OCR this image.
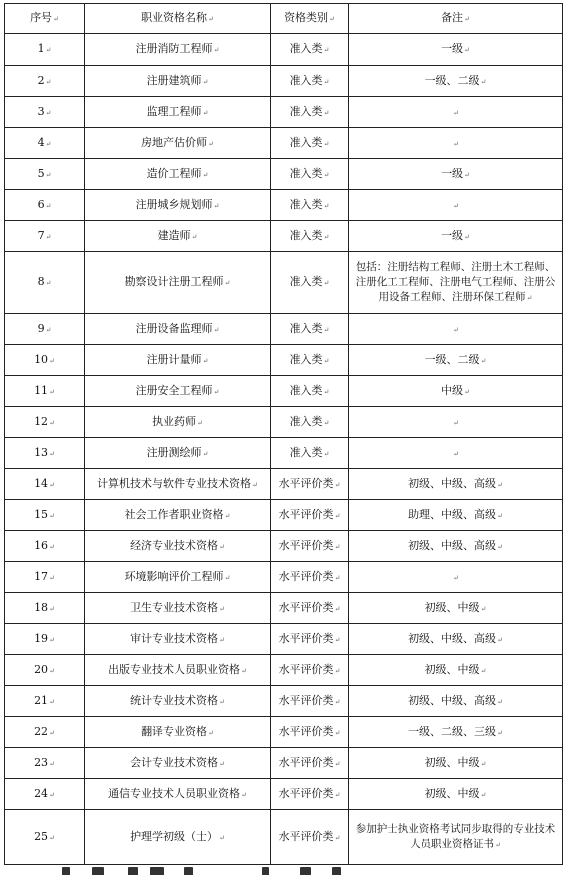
序号↵	职业资格名称↵	资格类别↵	备注↵
1↵	注册消防工程师↵	准入类↵	一级↵
2↵	注册建筑师↵	准入类↵	一级、二级↵
3↵	监理工程师↵	准入类↵	↵
4↵	房地产估价师↵	准入类↵	↵
5↵	造价工程师↵	准入类↵	一级↵
6↵	注册城乡规划师↵	准入类↵	↵
7↵	建造师↵	准入类↵	一级↵
8↵	勘察设计注册工程师↵	准入类↵	包括：注册结构工程师、注册土木工程师、注册化工工程师、注册电气工程师、注册公用设备工程师、注册环保工程师↵
9↵	注册设备监理师↵	准入类↵	↵
10↵	注册计量师↵	准入类↵	一级、二级↵
11↵	注册安全工程师↵	准入类↵	中级↵
12↵	执业药师↵	准入类↵	↵
13↵	注册测绘师↵	准入类↵	↵
14↵	计算机技术与软件专业技术资格↵	水平评价类↵	初级、中级、高级↵
15↵	社会工作者职业资格↵	水平评价类↵	助理、中级、高级↵
16↵	经济专业技术资格↵	水平评价类↵	初级、中级、高级↵
17↵	环境影响评价工程师↵	水平评价类↵	↵
18↵	卫生专业技术资格↵	水平评价类↵	初级、中级↵
19↵	审计专业技术资格↵	水平评价类↵	初级、中级、高级↵
20↵	出版专业技术人员职业资格↵	水平评价类↵	初级、中级↵
21↵	统计专业技术资格↵	水平评价类↵	初级、中级、高级↵
22↵	翻译专业资格↵	水平评价类↵	一级、二级、三级↵
23↵	会计专业技术资格↵	水平评价类↵	初级、中级↵
24↵	通信专业技术人员职业资格↵	水平评价类↵	初级、中级↵
25↵	护理学初级（士）↵	水平评价类↵	参加护士执业资格考试同步取得的专业技术人员职业资格证书↵
